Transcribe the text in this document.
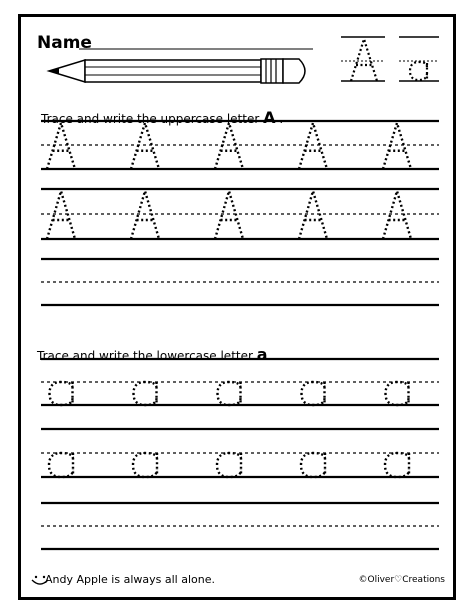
Name
Trace and write the uppercase letter A .
Trace and write the lowercase letter a .
Andy Apple is always all alone.	©Oliver♡Creations
